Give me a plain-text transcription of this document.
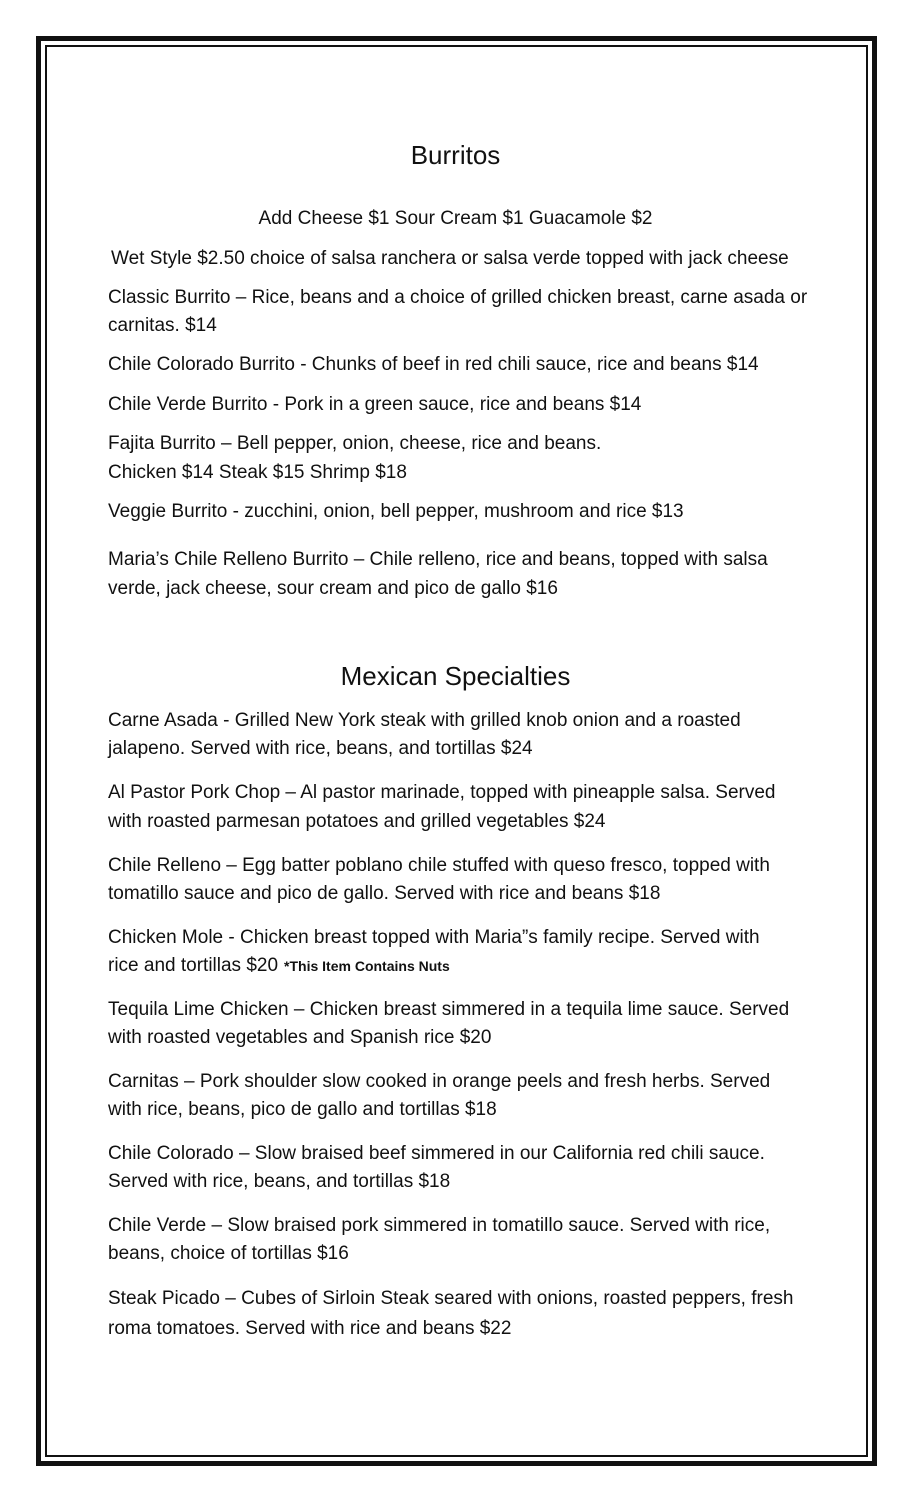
Burritos

Add Cheese $1 Sour Cream $1 Guacamole $2

Wet Style $2.50 choice of salsa ranchera or salsa verde topped with jack cheese

Classic Burrito – Rice, beans and a choice of grilled chicken breast, carne asada or

carnitas. $14

Chile Colorado Burrito - Chunks of beef in red chili sauce, rice and beans $14

Chile Verde Burrito - Pork in a green sauce, rice and beans $14

Fajita Burrito – Bell pepper, onion, cheese, rice and beans.

Chicken $14 Steak $15 Shrimp $18

Veggie Burrito - zucchini, onion, bell pepper, mushroom and rice $13

Maria’s Chile Relleno Burrito – Chile relleno, rice and beans, topped with salsa

verde, jack cheese, sour cream and pico de gallo $16

Mexican Specialties

Carne Asada - Grilled New York steak with grilled knob onion and a roasted

jalapeno. Served with rice, beans, and tortillas $24

Al Pastor Pork Chop – Al pastor marinade, topped with pineapple salsa. Served

with roasted parmesan potatoes and grilled vegetables $24

Chile Relleno – Egg batter poblano chile stuffed with queso fresco, topped with

tomatillo sauce and pico de gallo. Served with rice and beans $18

Chicken Mole - Chicken breast topped with Maria”s family recipe. Served with

rice and tortillas $20 *This Item Contains Nuts

Tequila Lime Chicken – Chicken breast simmered in a tequila lime sauce. Served

with roasted vegetables and Spanish rice $20

Carnitas – Pork shoulder slow cooked in orange peels and fresh herbs. Served

with rice, beans, pico de gallo and tortillas $18

Chile Colorado – Slow braised beef simmered in our California red chili sauce.

Served with rice, beans, and tortillas $18

Chile Verde – Slow braised pork simmered in tomatillo sauce. Served with rice,

beans, choice of tortillas $16

Steak Picado – Cubes of Sirloin Steak seared with onions, roasted peppers, fresh

roma tomatoes. Served with rice and beans $22
